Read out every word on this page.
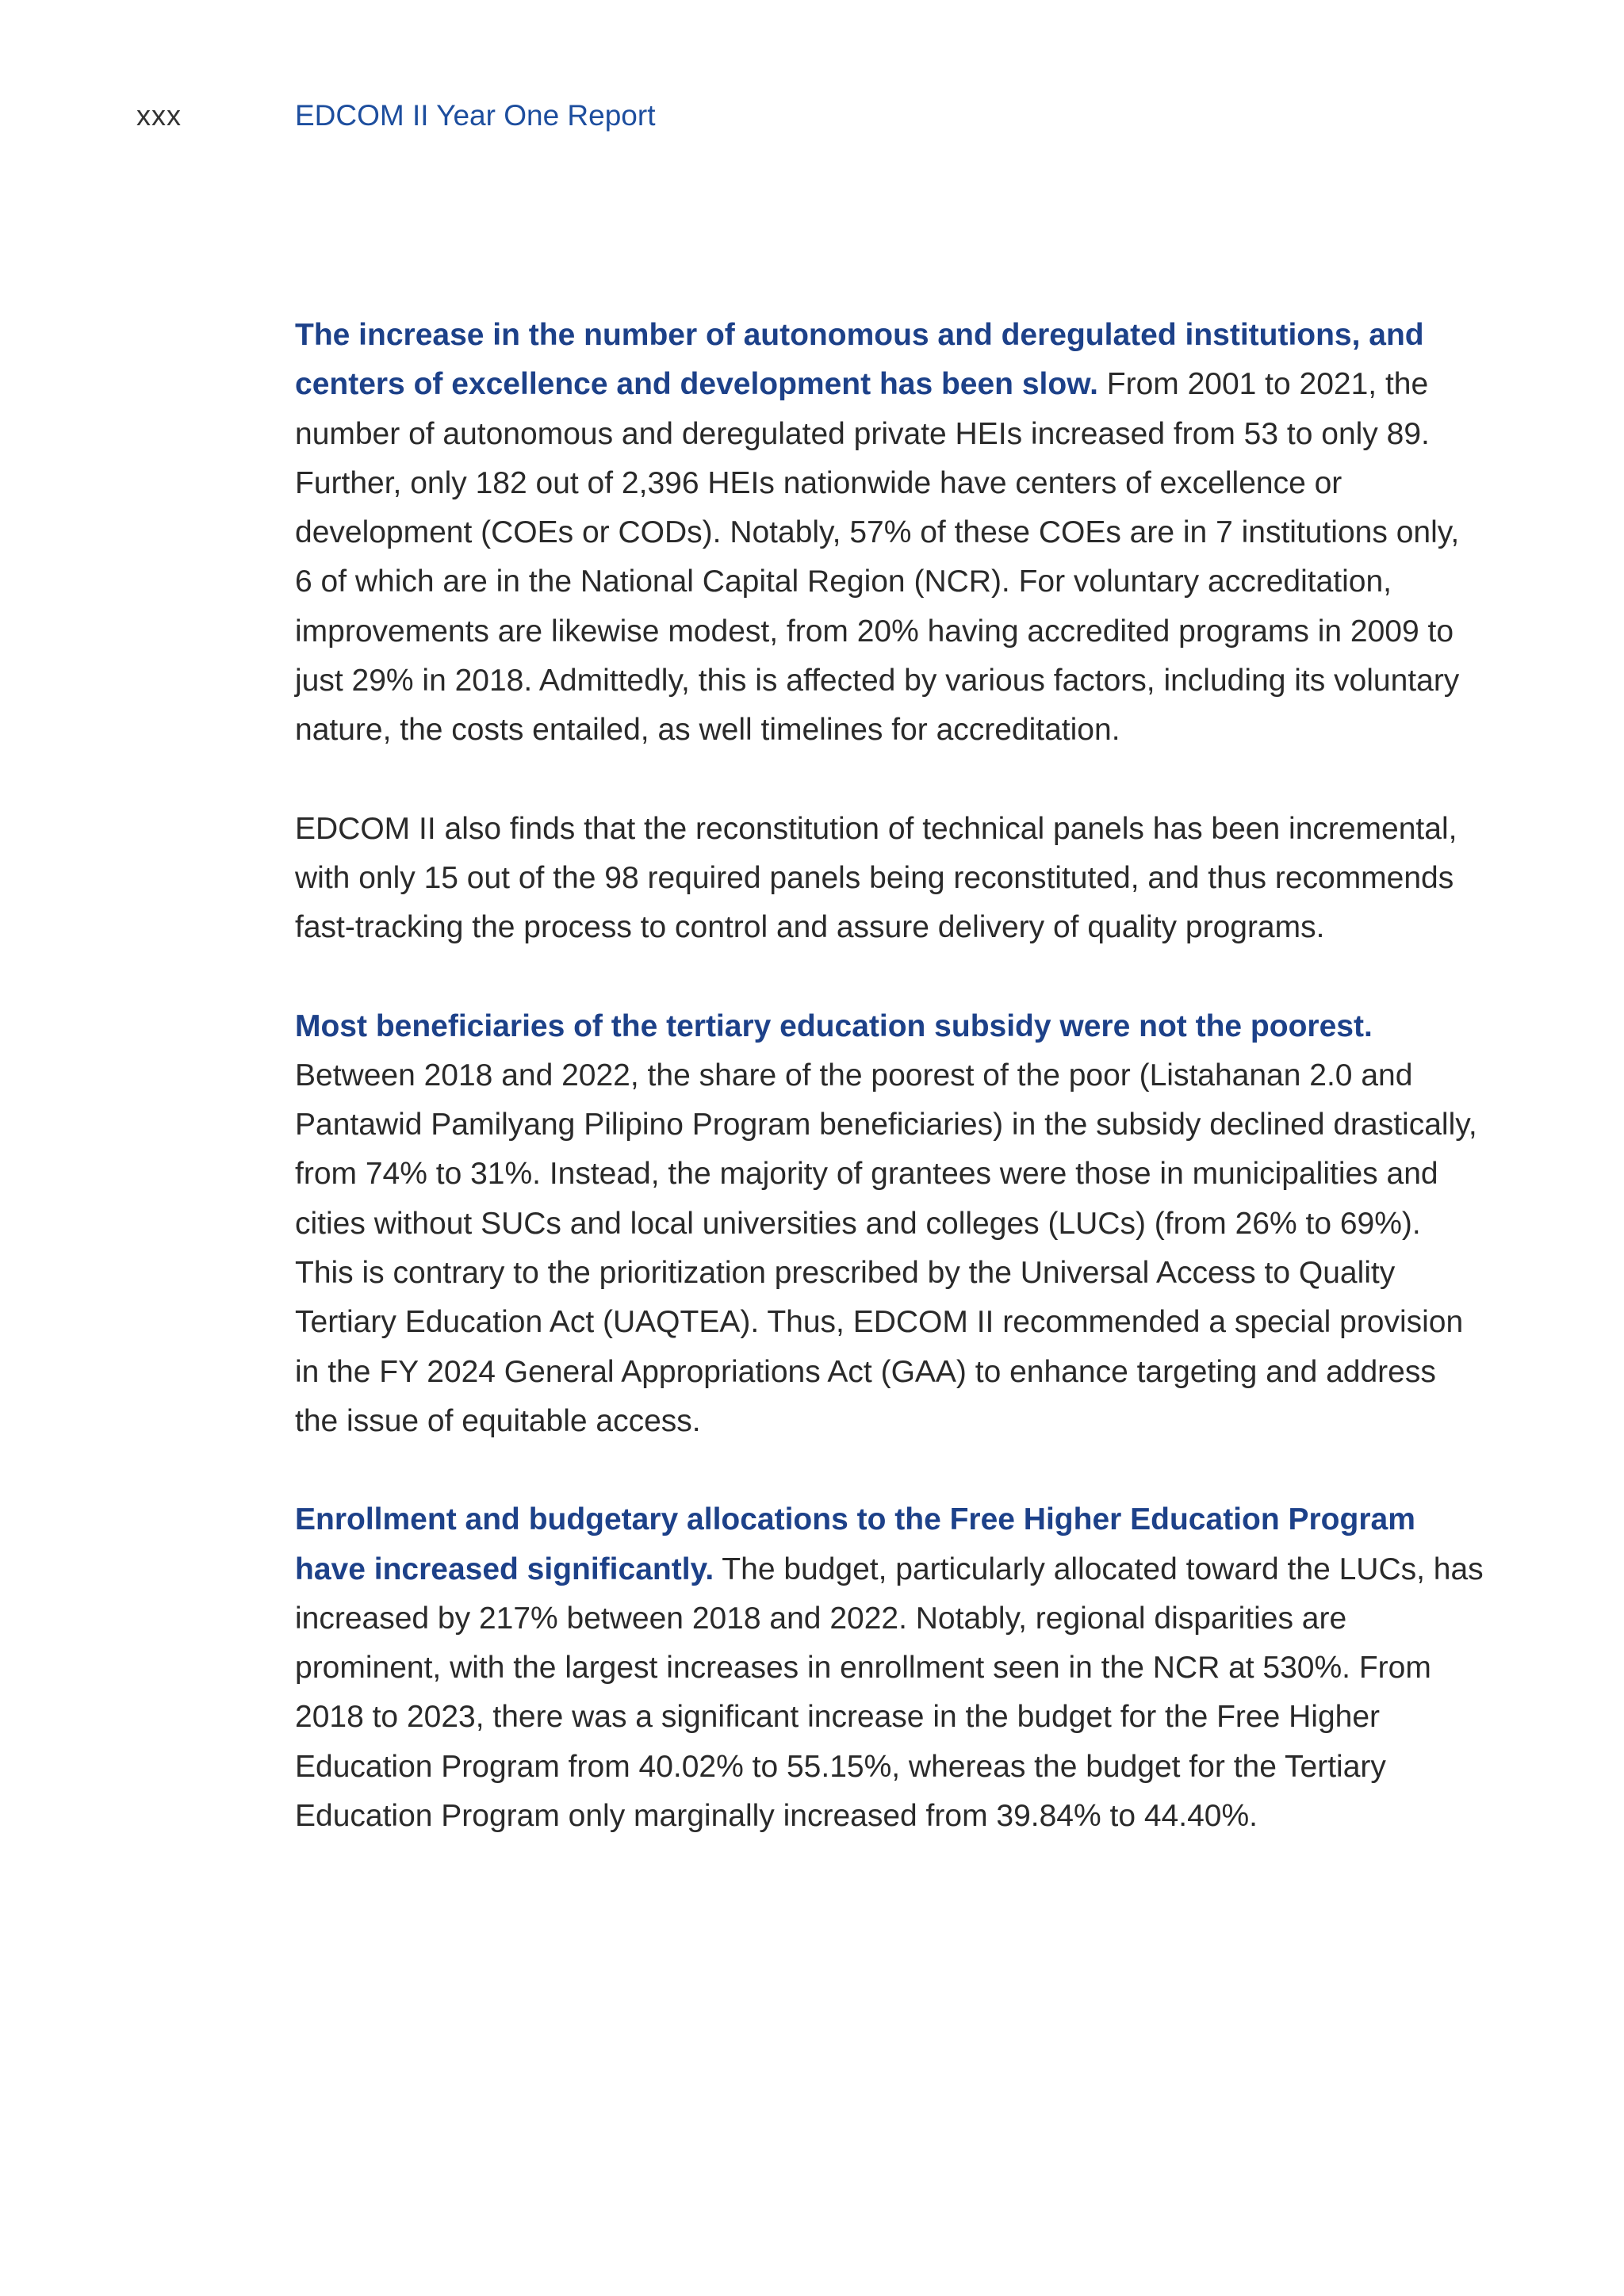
xxx	EDCOM II Year One Report

The increase in the number of autonomous and deregulated institutions, and centers of excellence and development has been slow. From 2001 to 2021, the number of autonomous and deregulated private HEIs increased from 53 to only 89. Further, only 182 out of 2,396 HEIs nationwide have centers of excellence or development (COEs or CODs). Notably, 57% of these COEs are in 7 institutions only, 6 of which are in the National Capital Region (NCR). For voluntary accreditation, improvements are likewise modest, from 20% having accredited programs in 2009 to just 29% in 2018. Admittedly, this is affected by various factors, including its voluntary nature, the costs entailed, as well timelines for accreditation.

EDCOM II also finds that the reconstitution of technical panels has been incremental, with only 15 out of the 98 required panels being reconstituted, and thus recommends fast-tracking the process to control and assure delivery of quality programs.

Most beneficiaries of the tertiary education subsidy were not the poorest. Between 2018 and 2022, the share of the poorest of the poor (Listahanan 2.0 and Pantawid Pamilyang Pilipino Program beneficiaries) in the subsidy declined drastically, from 74% to 31%. Instead, the majority of grantees were those in municipalities and cities without SUCs and local universities and colleges (LUCs) (from 26% to 69%). This is contrary to the prioritization prescribed by the Universal Access to Quality Tertiary Education Act (UAQTEA). Thus, EDCOM II recommended a special provision in the FY 2024 General Appropriations Act (GAA) to enhance targeting and address the issue of equitable access.

Enrollment and budgetary allocations to the Free Higher Education Program have increased significantly. The budget, particularly allocated toward the LUCs, has increased by 217% between 2018 and 2022. Notably, regional disparities are prominent, with the largest increases in enrollment seen in the NCR at 530%. From 2018 to 2023, there was a significant increase in the budget for the Free Higher Education Program from 40.02% to 55.15%, whereas the budget for the Tertiary Education Program only marginally increased from 39.84% to 44.40%.
